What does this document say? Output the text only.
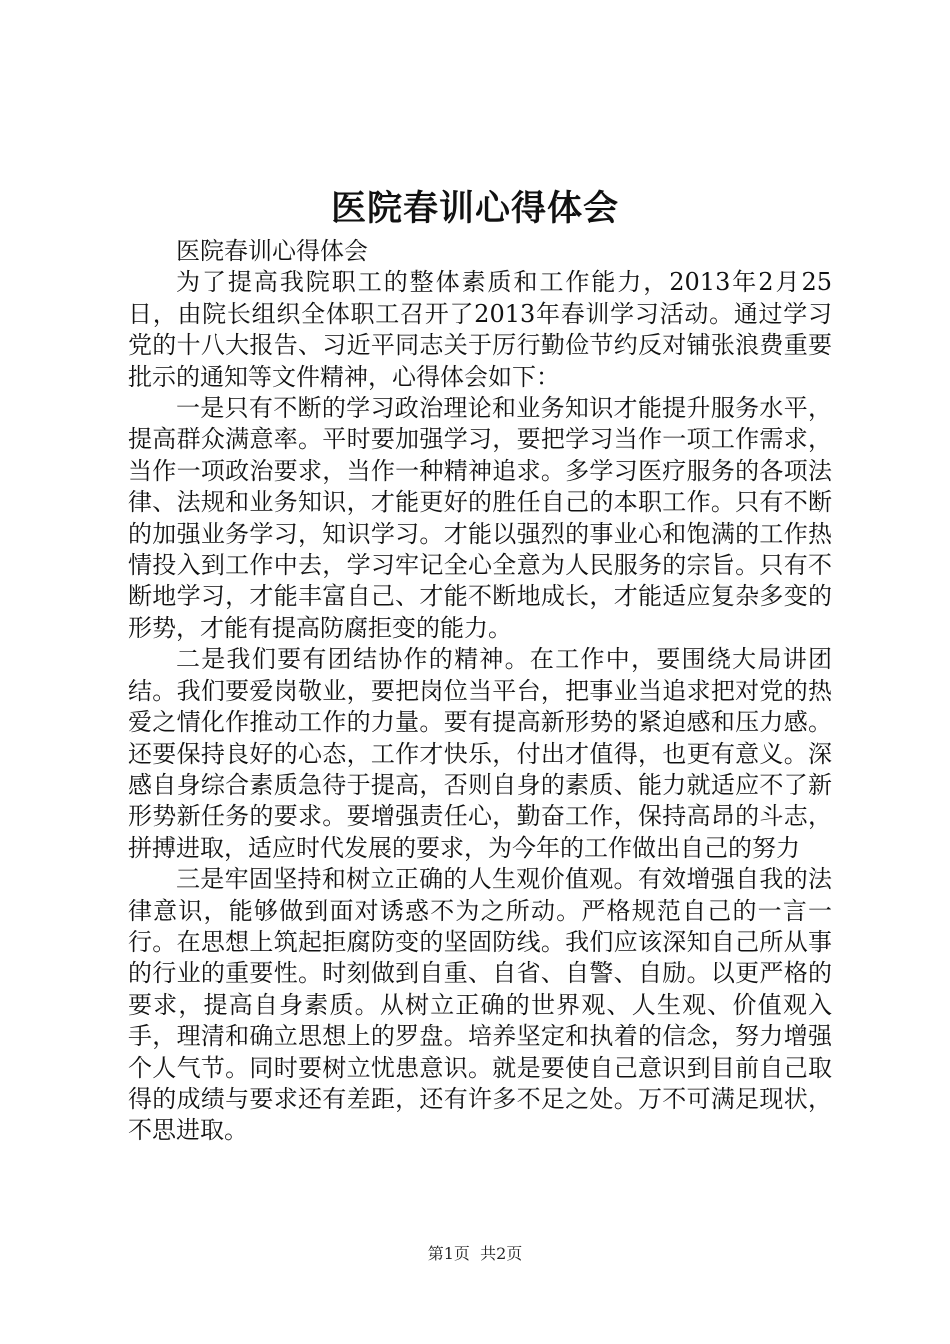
医院春训心得体会

医院春训心得体会

为了提高我院职工的整体素质和工作能力，2013年2月25日，由院长组织全体职工召开了2013年春训学习活动。通过学习党的十八大报告、习近平同志关于厉行勤俭节约反对铺张浪费重要批示的通知等文件精神，心得体会如下：

一是只有不断的学习政治理论和业务知识才能提升服务水平，提高群众满意率。平时要加强学习，要把学习当作一项工作需求，当作一项政治要求，当作一种精神追求。多学习医疗服务的各项法律、法规和业务知识，才能更好的胜任自己的本职工作。只有不断的加强业务学习，知识学习。才能以强烈的事业心和饱满的工作热情投入到工作中去，学习牢记全心全意为人民服务的宗旨。只有不断地学习，才能丰富自己、才能不断地成长，才能适应复杂多变的形势，才能有提高防腐拒变的能力。

二是我们要有团结协作的精神。在工作中，要围绕大局讲团结。我们要爱岗敬业，要把岗位当平台，把事业当追求把对党的热爱之情化作推动工作的力量。要有提高新形势的紧迫感和压力感。还要保持良好的心态，工作才快乐，付出才值得，也更有意义。深感自身综合素质急待于提高，否则自身的素质、能力就适应不了新形势新任务的要求。要增强责任心，勤奋工作，保持高昂的斗志，拼搏进取，适应时代发展的要求，为今年的工作做出自己的努力

三是牢固坚持和树立正确的人生观价值观。有效增强自我的法律意识，能够做到面对诱惑不为之所动。严格规范自己的一言一行。在思想上筑起拒腐防变的坚固防线。我们应该深知自己所从事的行业的重要性。时刻做到自重、自省、自警、自励。以更严格的要求，提高自身素质。从树立正确的世界观、人生观、价值观入手，理清和确立思想上的罗盘。培养坚定和执着的信念，努力增强个人气节。同时要树立忧患意识。就是要使自己意识到目前自己取得的成绩与要求还有差距，还有许多不足之处。万不可满足现状，不思进取。

第1页 共2页
